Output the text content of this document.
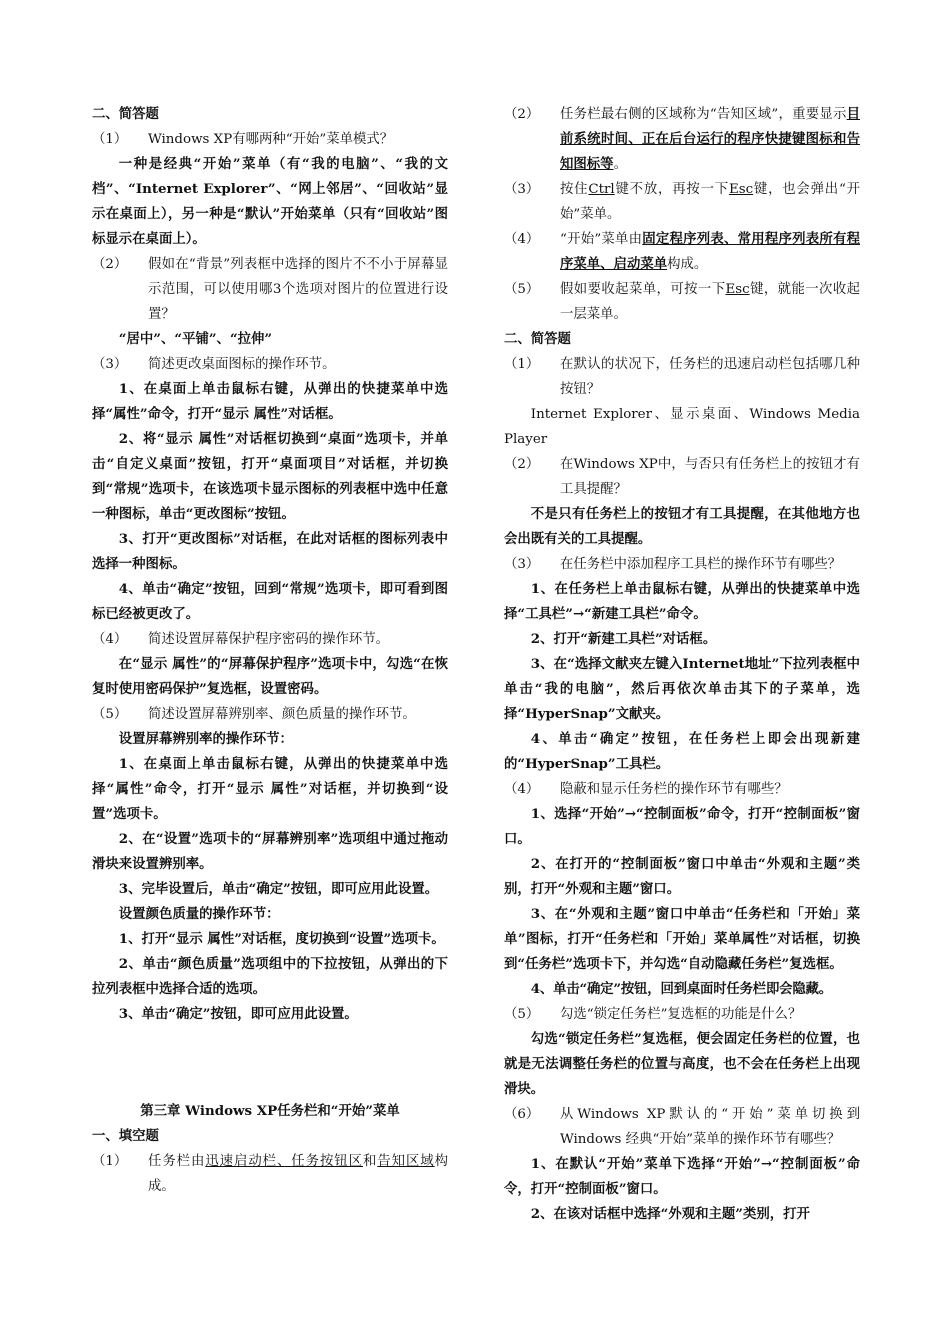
二、简答题

（1）	Windows XP有哪两种“开始”菜单模式？

一种是经典“开始”菜单（有“我的电脑”、“我的文档”、“Internet Explorer”、“网上邻居”、“回收站”显示在桌面上），另一种是“默认”开始菜单（只有“回收站”图标显示在桌面上）。

（2）	假如在“背景”列表框中选择的图片不不小于屏幕显示范围，可以使用哪3个选项对图片的位置进行设置？

“居中”、“平铺”、“拉伸”

（3）	简述更改桌面图标的操作环节。

1、在桌面上单击鼠标右键，从弹出的快捷菜单中选择“属性”命令，打开“显示 属性”对话框。

2、将“显示 属性”对话框切换到“桌面”选项卡，并单击“自定义桌面”按钮，打开“桌面项目”对话框，并切换到“常规”选项卡，在该选项卡显示图标的列表框中选中任意一种图标，单击“更改图标”按钮。

3、打开“更改图标”对话框，在此对话框的图标列表中选择一种图标。

4、单击“确定”按钮，回到“常规”选项卡，即可看到图标已经被更改了。

（4）	简述设置屏幕保护程序密码的操作环节。

在“显示 属性”的“屏幕保护程序”选项卡中，勾选“在恢复时使用密码保护”复选框，设置密码。

（5）	简述设置屏幕辨别率、颜色质量的操作环节。

设置屏幕辨别率的操作环节：

1、在桌面上单击鼠标右键，从弹出的快捷菜单中选择“属性”命令，打开“显示 属性”对话框，并切换到“设置”选项卡。

2、在“设置”选项卡的“屏幕辨别率”选项组中通过拖动滑块来设置辨别率。

3、完毕设置后，单击“确定”按钮，即可应用此设置。

设置颜色质量的操作环节：

1、打开“显示 属性”对话框，度切换到“设置”选项卡。

2、单击“颜色质量”选项组中的下拉按钮，从弹出的下拉列表框中选择合适的选项。

3、单击“确定”按钮，即可应用此设置。

第三章 Windows XP任务栏和“开始”菜单

一、填空题

（1）	任务栏由迅速启动栏、任务按钮区和告知区域构成。
（2）	任务栏最右侧的区域称为“告知区域”，重要显示目前系统时间、正在后台运行的程序快捷键图标和告知图标等。
（3）	按住Ctrl键不放，再按一下Esc键，也会弹出“开始”菜单。
（4）	“开始”菜单由固定程序列表、常用程序列表所有程序菜单、启动菜单构成。
（5）	假如要收起菜单，可按一下Esc键，就能一次收起一层菜单。

二、简答题

（1）	在默认的状况下，任务栏的迅速启动栏包括哪几种按钮？

Internet Explorer、显示桌面、Windows Media Player

（2）	在Windows XP中，与否只有任务栏上的按钮才有工具提醒？

不是只有任务栏上的按钮才有工具提醒，在其他地方也会出既有关的工具提醒。

（3）	在任务栏中添加程序工具栏的操作环节有哪些？

1、在任务栏上单击鼠标右键，从弹出的快捷菜单中选择“工具栏”→“新建工具栏”命令。

2、打开“新建工具栏”对话框。

3、在“选择文献夹左键入Internet地址”下拉列表框中单击“我的电脑”，然后再依次单击其下的子菜单，选择“HyperSnap”文献夹。

4、单击“确定”按钮，在任务栏上即会出现新建的“HyperSnap”工具栏。

（4）	隐蔽和显示任务栏的操作环节有哪些？

1、选择“开始”→“控制面板”命令，打开“控制面板”窗口。

2、在打开的“控制面板”窗口中单击“外观和主题”类别，打开“外观和主题”窗口。

3、在“外观和主题”窗口中单击“任务栏和「开始」菜单”图标，打开“任务栏和「开始」菜单属性”对话框，切换到“任务栏”选项卡下，并勾选“自动隐藏任务栏”复选框。

4、单击“确定”按钮，回到桌面时任务栏即会隐藏。

（5）	勾选“锁定任务栏”复选框的功能是什么？

勾选“锁定任务栏”复选框，便会固定任务栏的位置，也就是无法调整任务栏的位置与高度，也不会在任务栏上出现滑块。

（6）	从Windows XP默认的“开始”菜单切换到Windows 经典“开始”菜单的操作环节有哪些？

1、在默认“开始”菜单下选择“开始”→“控制面板”命令，打开“控制面板”窗口。

2、在该对话框中选择“外观和主题”类别，打开
